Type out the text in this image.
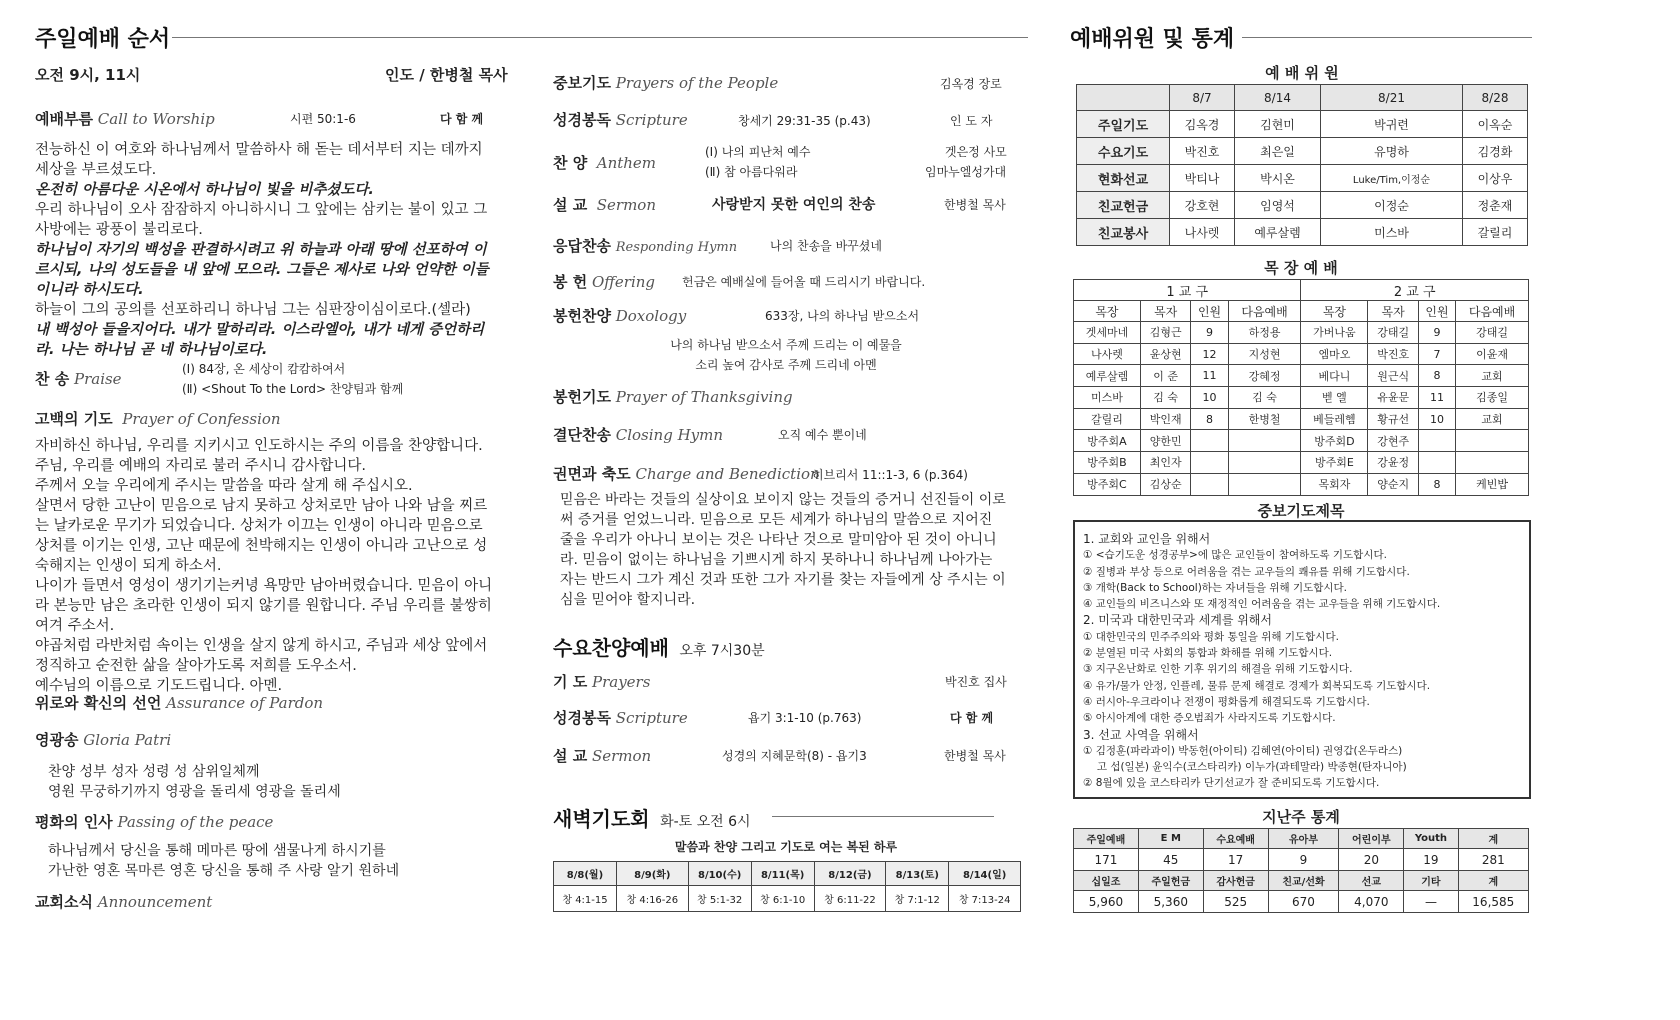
주일예배 순서
오전 9시, 11시	인도 / 한병철 목사
예배부름 Call to Worship	시편 50:1-6	다 함 께

전능하신 이 여호와 하나님께서 말씀하사 해 돋는 데서부터 지는 데까지 세상을 부르셨도다.

온전히 아름다운 시온에서 하나님이 빛을 비추셨도다.

우리 하나님이 오사 잠잠하지 아니하시니 그 앞에는 삼키는 불이 있고 그 사방에는 광풍이 불리로다.

하나님이 자기의 백성을 판결하시려고 위 하늘과 아래 땅에 선포하여 이르시되, 나의 성도들을 내 앞에 모으라. 그들은 제사로 나와 언약한 이들이니라 하시도다.

하늘이 그의 공의를 선포하리니 하나님 그는 심판장이심이로다.(셀라)

내 백성아 들을지어다. 내가 말하리라. 이스라엘아, 내가 네게 증언하리라. 나는 하나님 곧 네 하나님이로다.

찬 송 Praise
(Ⅰ) 84장, 온 세상이 캄캄하여서
(Ⅱ) <Shout To the Lord> 찬양팀과 함께
고백의 기도 Prayer of Confession

자비하신 하나님, 우리를 지키시고 인도하시는 주의 이름을 찬양합니다.

주님, 우리를 예배의 자리로 불러 주시니 감사합니다.

주께서 오늘 우리에게 주시는 말씀을 따라 살게 해 주십시오.

살면서 당한 고난이 믿음으로 남지 못하고 상처로만 남아 나와 남을 찌르는 날카로운 무기가 되었습니다. 상처가 이끄는 인생이 아니라 믿음으로 상처를 이기는 인생, 고난 때문에 천박해지는 인생이 아니라 고난으로 성숙해지는 인생이 되게 하소서.

나이가 들면서 영성이 생기기는커녕 욕망만 남아버렸습니다. 믿음이 아니라 본능만 남은 초라한 인생이 되지 않기를 원합니다. 주님 우리를 불쌍히 여겨 주소서.

야곱처럼 라반처럼 속이는 인생을 살지 않게 하시고, 주님과 세상 앞에서 정직하고 순전한 삶을 살아가도록 저희를 도우소서.

예수님의 이름으로 기도드립니다. 아멘.

위로와 확신의 선언 Assurance of Pardon
영광송 Gloria Patri
찬양 성부 성자 성령 성 삼위일체께
영원 무궁하기까지 영광을 돌리세 영광을 돌리세
평화의 인사 Passing of the peace
하나님께서 당신을 통해 메마른 땅에 샘물나게 하시기를
가난한 영혼 목마른 영혼 당신을 통해 주 사랑 알기 원하네
교회소식 Announcement
중보기도 Prayers of the People	김옥경 장로
성경봉독 Scripture	창세기 29:31-35 (p.43)	인 도 자
찬 양 Anthem
(Ⅰ) 나의 피난처 예수
(Ⅱ) 참 아름다워라
겟은정 사모
임마누엘성가대
설 교 Sermon	사랑받지 못한 여인의 찬송	한병철 목사
응답찬송 Responding Hymn	나의 찬송을 바꾸셨네
봉 헌 Offering 헌금은 예배실에 들어올 때 드리시기 바랍니다.
봉헌찬양 Doxology	633장, 나의 하나님 받으소서
나의 하나님 받으소서 주께 드리는 이 예물을
소리 높여 감사로 주께 드리네 아멘
봉헌기도 Prayer of Thanksgiving
결단찬송 Closing Hymn	오직 예수 뿐이네
권면과 축도 Charge and Benediction
히브리서 11::1-3, 6 (p.364)
믿음은 바라는 것들의 실상이요 보이지 않는 것들의 증거니 선진들이 이로써 증거를 얻었느니라. 믿음으로 모든 세계가 하나님의 말씀으로 지어진 줄을 우리가 아나니 보이는 것은 나타난 것으로 말미암아 된 것이 아니니라. 믿음이 없이는 하나님을 기쁘시게 하지 못하나니 하나님께 나아가는 자는 반드시 그가 계신 것과 또한 그가 자기를 찾는 자들에게 상 주시는 이심을 믿어야 할지니라.
수요찬양예배 오후 7시30분
기 도 Prayers	박진호 집사
성경봉독 Scripture	욥기 3:1-10 (p.763)	다 함 께
설 교 Sermon	성경의 지혜문학(8) - 욥기3	한병철 목사
새벽기도회 화-토 오전 6시
말씀과 찬양 그리고 기도로 여는 복된 하루
8/8(월)	8/9(화)	8/10(수)	8/11(목)	8/12(금)	8/13(토)	8/14(일)
창 4:1-15	창 4:16-26	창 5:1-32	창 6:1-10	창 6:11-22	창 7:1-12	창 7:13-24
예배위원 및 통계
예 배 위 원
	8/7	8/14	8/21	8/28
주일기도	김옥경	김현미	박귀련	이옥순
수요기도	박진호	최은일	유명하	김경화
현화선교	박티나	박시온	Luke/Tim,이정순	이상우
친교헌금	강호현	임영석	이정순	정춘재
친교봉사	나사렛	예루살렘	미스바	갈릴리
목 장 예 배
1 교 구				2 교 구			
목장	목자	인원	다음예배	목장	목자	인원	다음예배
겟세마네	김형근	9	하정용	가버나움	강태길	9	강태길
나사렛	윤상현	12	지성현	엠마오	박진호	7	이윤재
예루살렘	이 준	11	강혜정	베다니	원근식	8	교회
미스바	김 숙	10	김 숙	벧 엘	유윤문	11	김종일
갈릴리	박인재	8	한병철	베들레헴	황규선	10	교회
방주회A	양한민			방주회D	강현주		
방주회B	최인자			방주회E	강윤정		
방주회C	김상순			목회자	양순지	8	케빈밥
중보기도제목
1. 교회와 교인을 위해서
① <습기도운 성경공부>에 많은 교인들이 참여하도록 기도합시다.
② 질병과 부상 등으로 어려움을 겪는 교우들의 쾌유를 위해 기도합시다.
③ 개학(Back to School)하는 자녀들을 위해 기도합시다.
④ 교인들의 비즈니스와 또 재정적인 어려움을 겪는 교우들을 위해 기도합시다.
2. 미국과 대한민국과 세계를 위해서
① 대한민국의 민주주의와 평화 통일을 위해 기도합시다.
② 분열된 미국 사회의 통합과 화해를 위해 기도합시다.
③ 지구온난화로 인한 기후 위기의 해결을 위해 기도합시다.
④ 유가/물가 안정, 인플레, 물류 문제 해결로 경제가 회복되도록 기도합시다.
④ 러시아-우크라이나 전쟁이 평화롭게 해결되도록 기도합시다.
⑤ 아시아계에 대한 증오범죄가 사라지도록 기도합시다.
3. 선교 사역을 위해서
① 김정훈(파라과이) 박동헌(아이티) 김혜연(아이티) 권영갑(온두라스)
　 고 섭(일본) 윤익수(코스타리카) 이누가(과테말라) 박종현(탄자니아)
② 8월에 있을 코스타리카 단기선교가 잘 준비되도록 기도합시다.
지난주 통계
주일예배	E M	수요예배	유아부	어린이부	Youth	계
171	45	17	9	20	19	281
십일조	주일헌금	감사헌금	친교/선화	선교	기타	계
5,960	5,360	525	670	4,070	—	16,585
